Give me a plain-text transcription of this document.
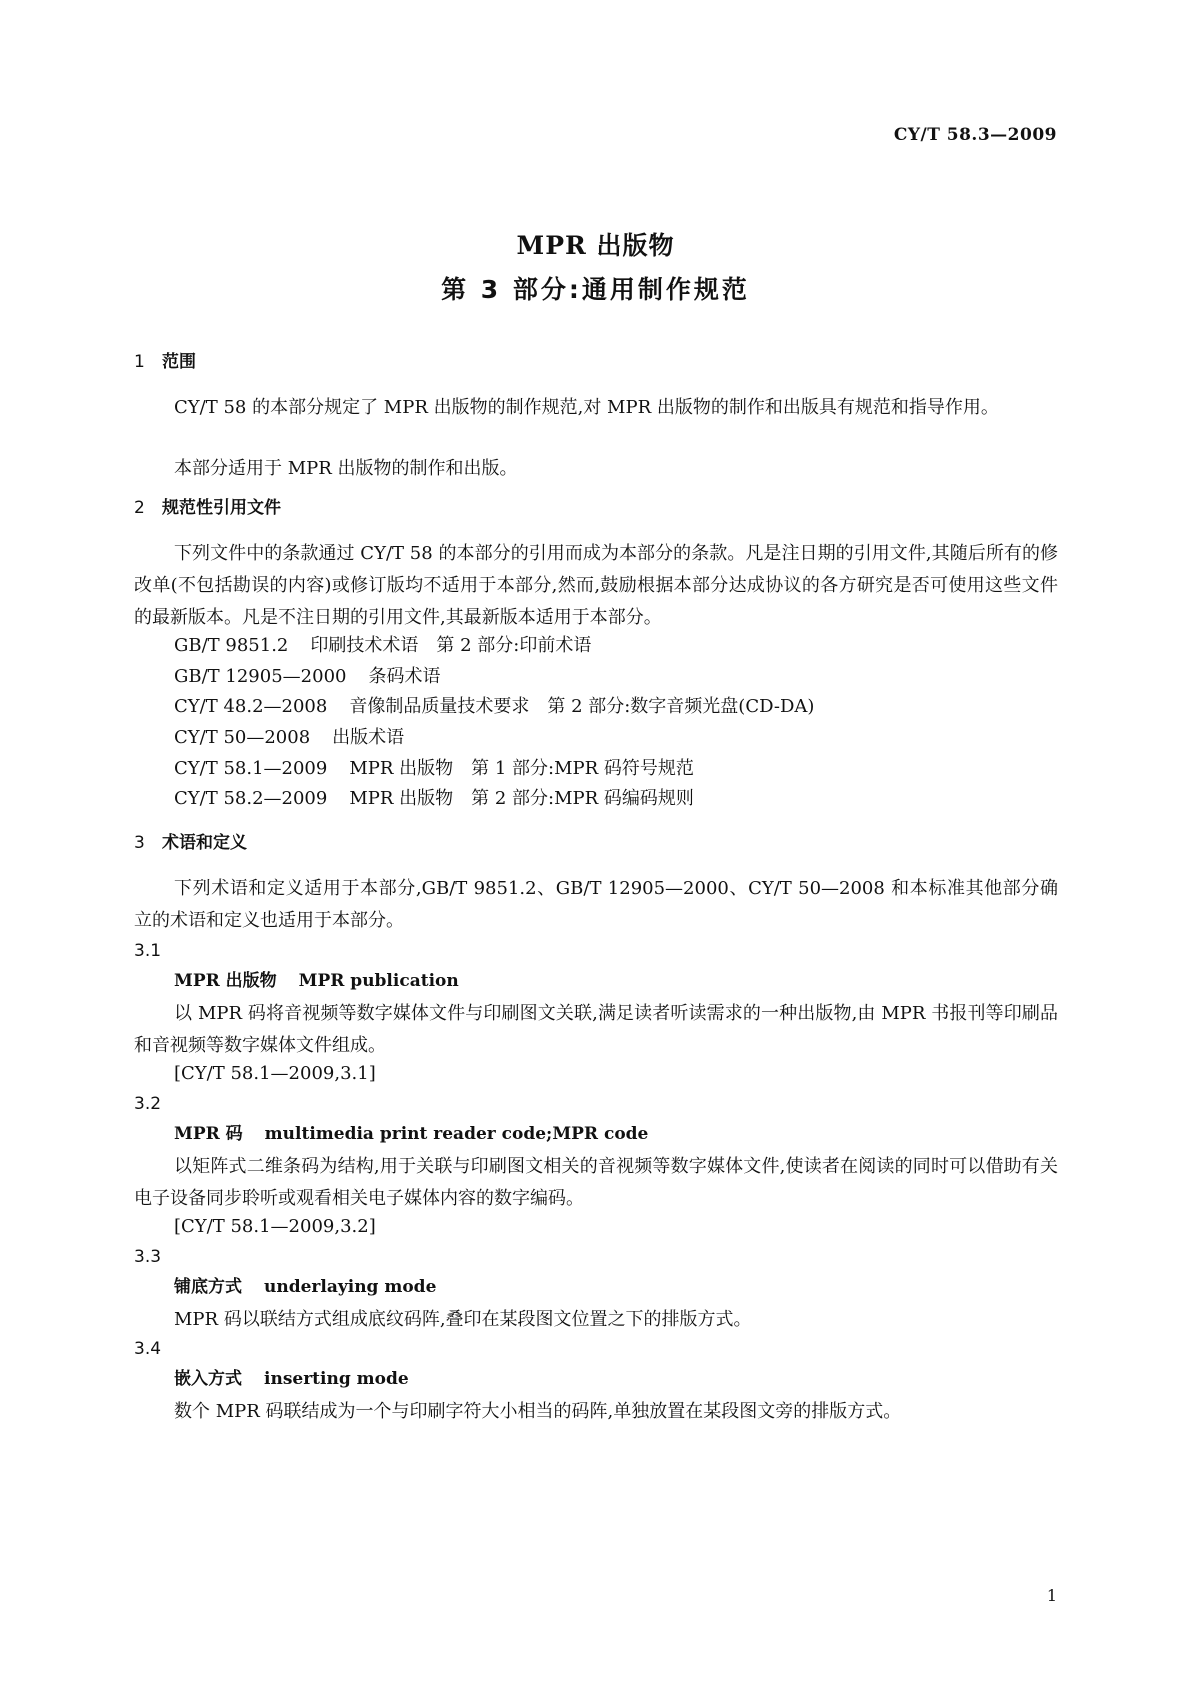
CY/T 58.3—2009
MPR 出版物
第 3 部分:通用制作规范
1 范围
CY/T 58 的本部分规定了 MPR 出版物的制作规范,对 MPR 出版物的制作和出版具有规范和指导作用。
本部分适用于 MPR 出版物的制作和出版。
2 规范性引用文件
下列文件中的条款通过 CY/T 58 的本部分的引用而成为本部分的条款。凡是注日期的引用文件,其随后所有的修改单(不包括勘误的内容)或修订版均不适用于本部分,然而,鼓励根据本部分达成协议的各方研究是否可使用这些文件的最新版本。凡是不注日期的引用文件,其最新版本适用于本部分。
GB/T 9851.2 印刷技术术语　第 2 部分:印前术语
GB/T 12905—2000 条码术语
CY/T 48.2—2008 音像制品质量技术要求　第 2 部分:数字音频光盘(CD-DA)
CY/T 50—2008 出版术语
CY/T 58.1—2009 MPR 出版物　第 1 部分:MPR 码符号规范
CY/T 58.2—2009 MPR 出版物　第 2 部分:MPR 码编码规则
3 术语和定义
下列术语和定义适用于本部分,GB/T 9851.2、GB/T 12905—2000、CY/T 50—2008 和本标准其他部分确立的术语和定义也适用于本部分。
3.1
MPR 出版物 MPR publication
以 MPR 码将音视频等数字媒体文件与印刷图文关联,满足读者听读需求的一种出版物,由 MPR 书报刊等印刷品和音视频等数字媒体文件组成。
[CY/T 58.1—2009,3.1]
3.2
MPR 码 multimedia print reader code;MPR code
以矩阵式二维条码为结构,用于关联与印刷图文相关的音视频等数字媒体文件,使读者在阅读的同时可以借助有关电子设备同步聆听或观看相关电子媒体内容的数字编码。
[CY/T 58.1—2009,3.2]
3.3
铺底方式 underlaying mode
MPR 码以联结方式组成底纹码阵,叠印在某段图文位置之下的排版方式。
3.4
嵌入方式 inserting mode
数个 MPR 码联结成为一个与印刷字符大小相当的码阵,单独放置在某段图文旁的排版方式。
1
